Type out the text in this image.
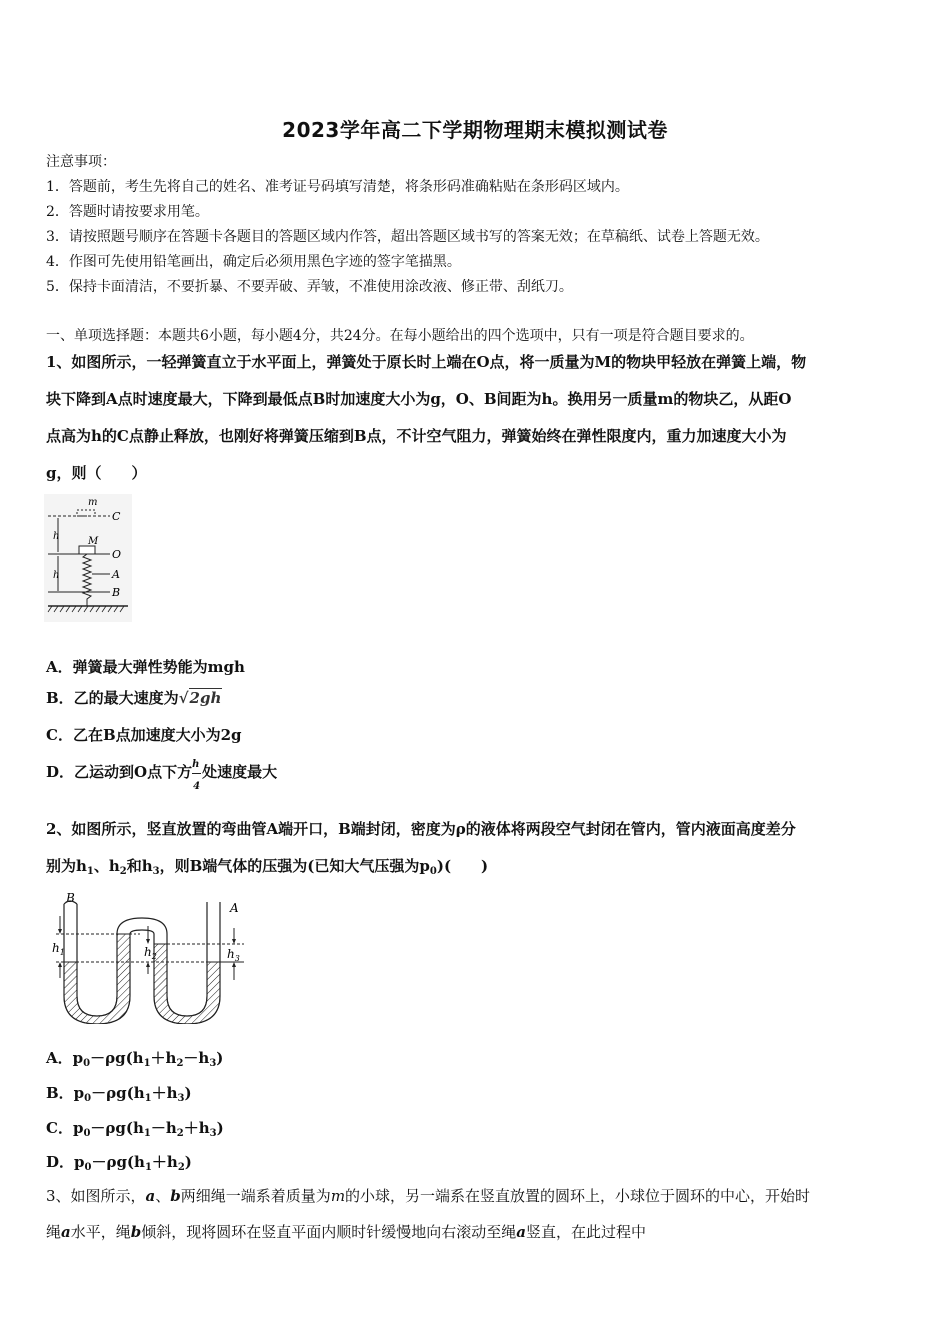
2023学年高二下学期物理期末模拟测试卷
注意事项：
1．答题前，考生先将自己的姓名、准考证号码填写清楚，将条形码准确粘贴在条形码区域内。
2．答题时请按要求用笔。
3．请按照题号顺序在答题卡各题目的答题区域内作答，超出答题区域书写的答案无效；在草稿纸、试卷上答题无效。
4．作图可先使用铅笔画出，确定后必须用黑色字迹的签字笔描黑。
5．保持卡面清洁，不要折暴、不要弄破、弄皱，不准使用涂改液、修正带、刮纸刀。
一、单项选择题：本题共6小题，每小题4分，共24分。在每小题给出的四个选项中，只有一项是符合题目要求的。
1、如图所示，一轻弹簧直立于水平面上，弹簧处于原长时上端在O点，将一质量为M的物块甲轻放在弹簧上端，物
块下降到A点时速度最大，下降到最低点B时加速度大小为g，O、B间距为h。换用另一质量m的物块乙，从距O
点高为h的C点静止释放，也刚好将弹簧压缩到B点，不计空气阻力，弹簧始终在弹性限度内，重力加速度大小为
g，则（　　）
m
C
h
h
M
O
A
B
A．弹簧最大弹性势能为mgh
B．乙的最大速度为√2gh
C．乙在B点加速度大小为2g
D．乙运动到O点下方 $\frac{h}{4}$ 处速度最大
2、如图所示，竖直放置的弯曲管A端开口，B端封闭，密度为ρ的液体将两段空气封闭在管内，管内液面高度差分
别为$h_1$、$h_2$和$h_3$，则B端气体的压强为(已知大气压强为$p_0$)(　　)
B
A
$h_1$	$h_2$	$h_3$
A．$p_0-\rho g(h_1+h_2-h_3)$
B．$p_0-\rho g(h_1+h_3)$
C．$p_0-\rho g(h_1-h_2+h_3)$
D．$p_0-\rho g(h_1+h_2)$
3、如图所示，a、b两细绳一端系着质量为m的小球，另一端系在竖直放置的圆环上，小球位于圆环的中心，开始时
绳a水平，绳b倾斜，现将圆环在竖直平面内顺时针缓慢地向右滚动至绳a竖直，在此过程中
